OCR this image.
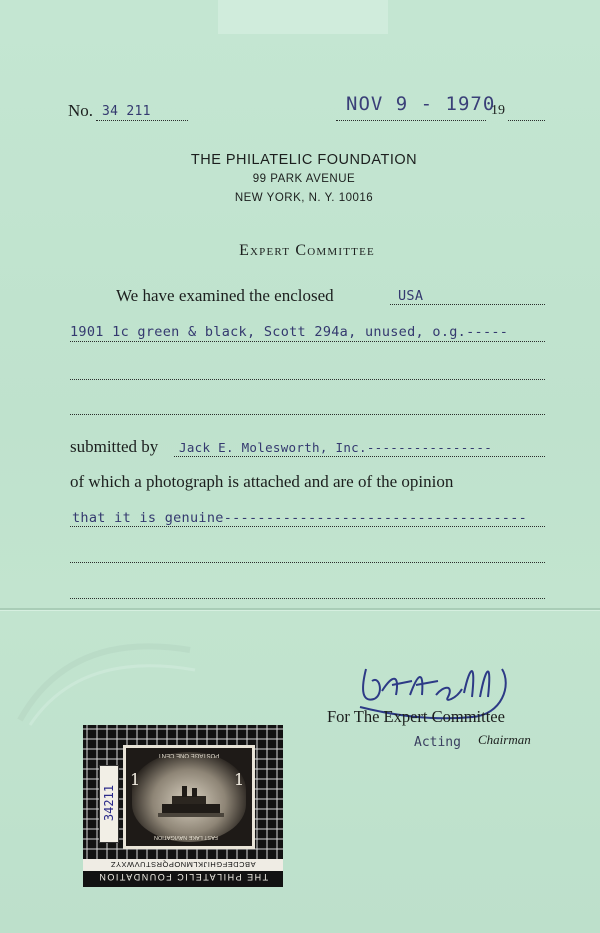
No. 34 211	NOV 9 - 1970
19
THE PHILATELIC FOUNDATION
99 PARK AVENUE
NEW YORK, N. Y. 10016
Expert Committee
We have examined the enclosed	USA
1901 1c green & black, Scott 294a, unused, o.g.-----
submitted by Jack E. Molesworth, Inc.----------------
of which a photograph is attached and are of the opinion
that it is genuine------------------------------------
For The Expert Committee
Acting Chairman
POSTAGE ONE CENT
1	1
FAST LAKE NAVIGATION
34211
ABCDEFGHIJKLMNOPQRSTUVWXYZ
THE PHILATELIC FOUNDATION
